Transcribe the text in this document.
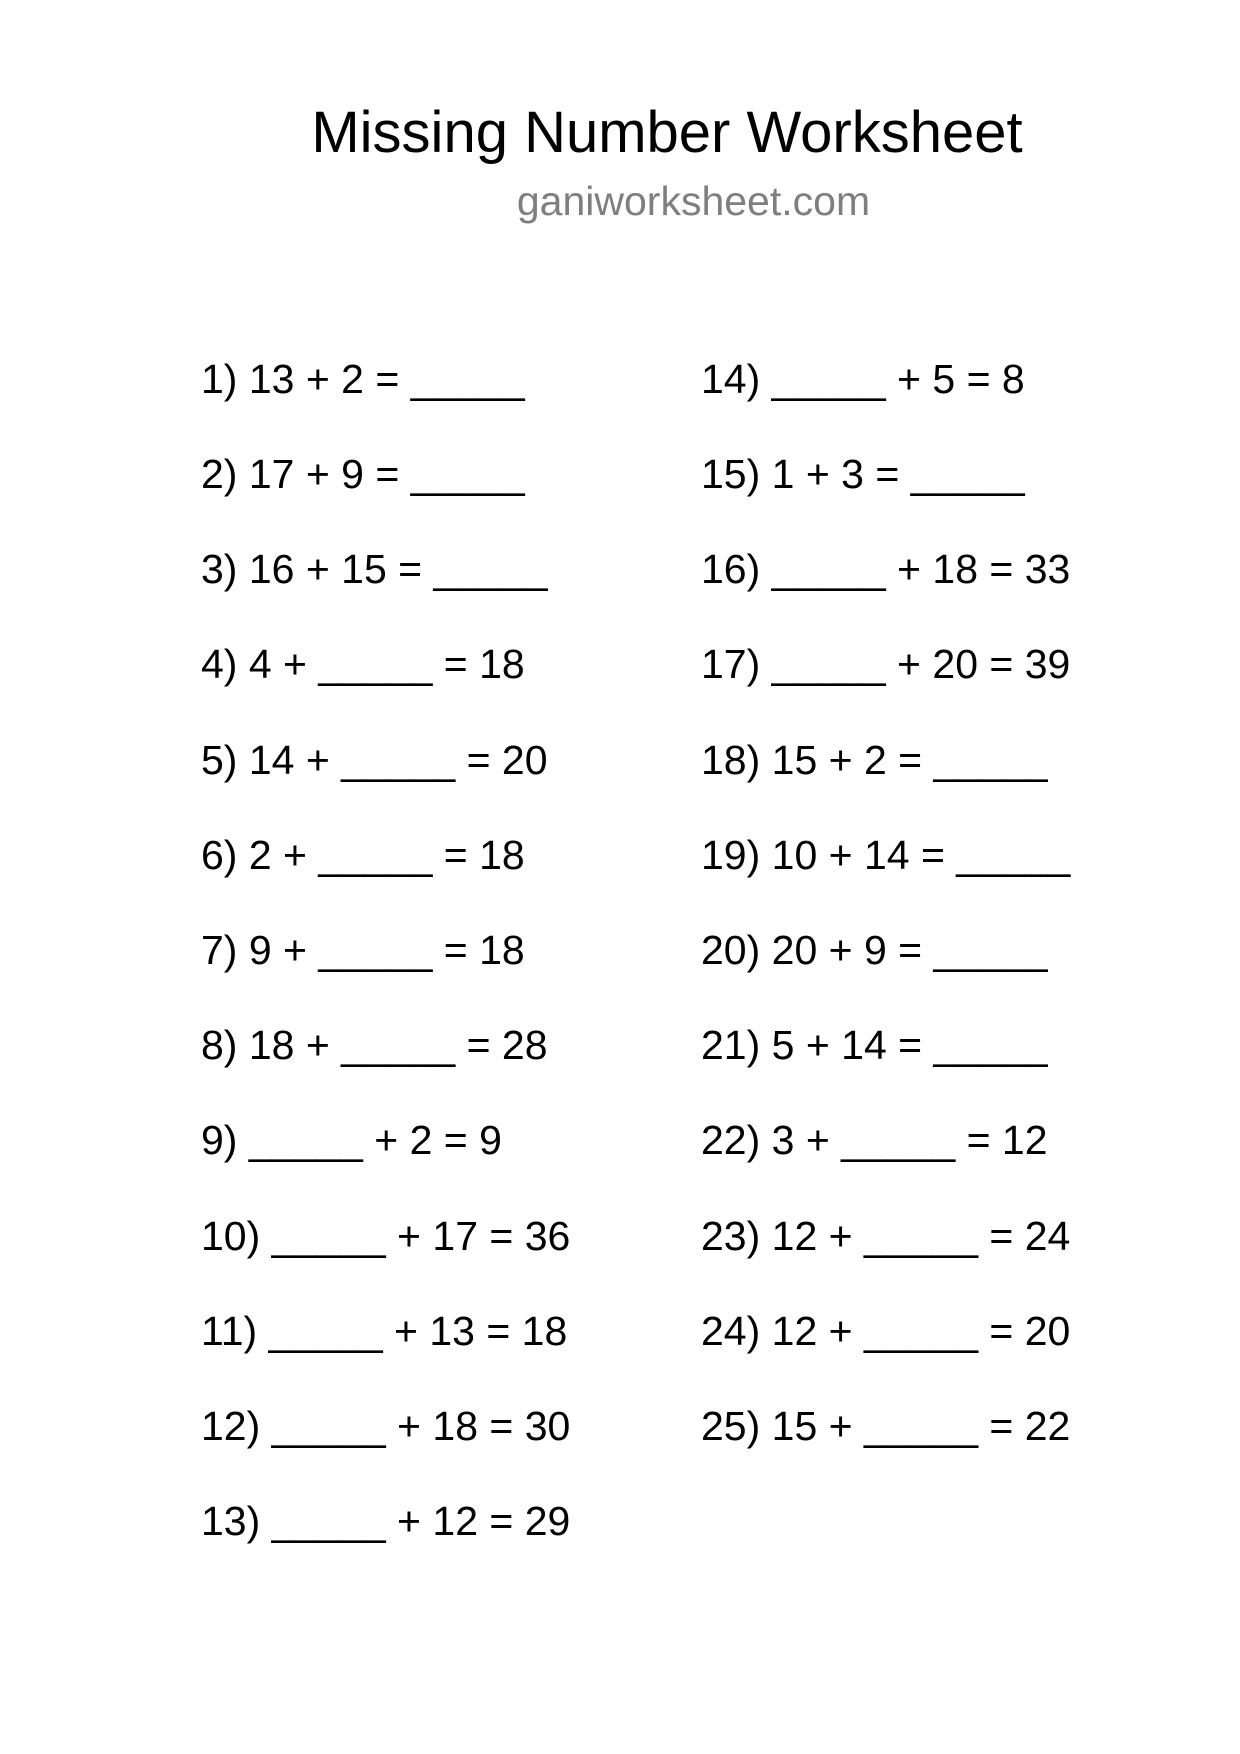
Missing Number Worksheet
ganiworksheet.com
1) 13 + 2 = _____
2) 17 + 9 = _____
3) 16 + 15 = _____
4) 4 + _____ = 18
5) 14 + _____ = 20
6) 2 + _____ = 18
7) 9 + _____ = 18
8) 18 + _____ = 28
9) _____ + 2 = 9
10) _____ + 17 = 36
11) _____ + 13 = 18
12) _____ + 18 = 30
13) _____ + 12 = 29
14) _____ + 5 = 8
15) 1 + 3 = _____
16) _____ + 18 = 33
17) _____ + 20 = 39
18) 15 + 2 = _____
19) 10 + 14 = _____
20) 20 + 9 = _____
21) 5 + 14 = _____
22) 3 + _____ = 12
23) 12 + _____ = 24
24) 12 + _____ = 20
25) 15 + _____ = 22
